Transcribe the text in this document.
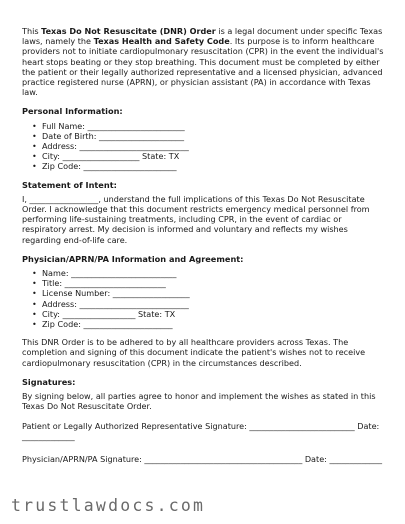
This Texas Do Not Resuscitate (DNR) Order is a legal document under specific Texas laws, namely the Texas Health and Safety Code. Its purpose is to inform healthcare providers not to initiate cardiopulmonary resuscitation (CPR) in the event the individual's heart stops beating or they stop breathing. This document must be completed by either the patient or their legally authorized representative and a licensed physician, advanced practice registered nurse (APRN), or physician assistant (PA) in accordance with Texas law.

Personal Information:
• Full Name: ________________________
• Date of Birth: _____________________
• Address: ___________________________
• City: ___________________ State: TX
• Zip Code: _______________________
Statement of Intent:

I, _________________, understand the full implications of this Texas Do Not Resuscitate Order. I acknowledge that this document restricts emergency medical personnel from performing life-sustaining treatments, including CPR, in the event of cardiac or respiratory arrest. My decision is informed and voluntary and reflects my wishes regarding end-of-life care.

Physician/APRN/PA Information and Agreement:
• Name: __________________________
• Title: _________________________
• License Number: ___________________
• Address: ___________________________
• City: __________________ State: TX
• Zip Code: ______________________

This DNR Order is to be adhered to by all healthcare providers across Texas. The completion and signing of this document indicate the patient's wishes not to receive cardiopulmonary resuscitation (CPR) in the circumstances described.

Signatures:

By signing below, all parties agree to honor and implement the wishes as stated in this Texas Do Not Resuscitate Order.

Patient or Legally Authorized Representative Signature: __________________________ Date: _____________

Physician/APRN/PA Signature: _______________________________________ Date: _____________

trustlawdocs.com
